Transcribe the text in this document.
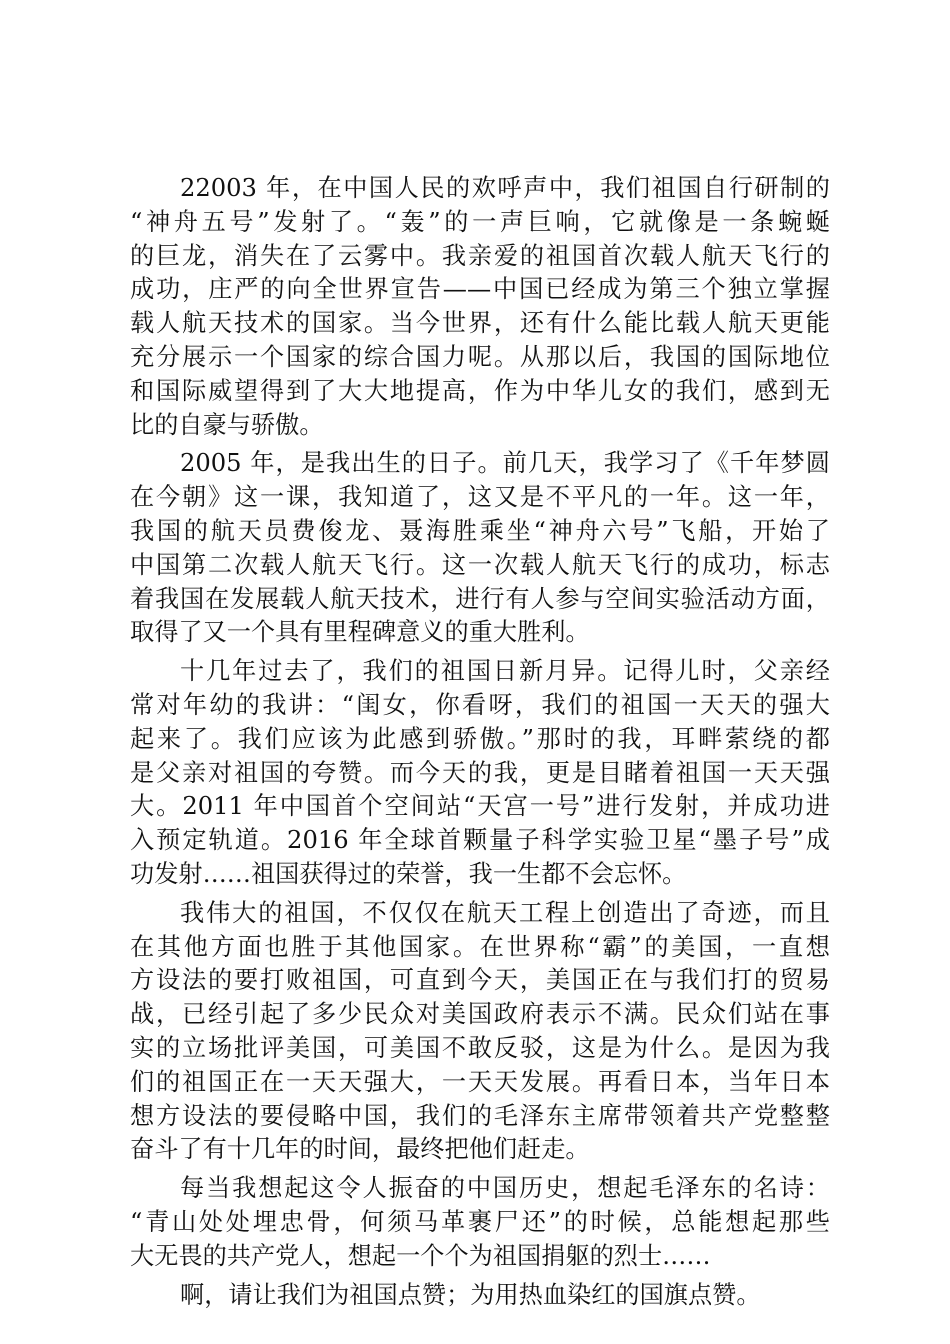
22003 年，在中国人民的欢呼声中，我们祖国自行研制的
“神舟五号”发射了。“轰”的一声巨响，它就像是一条蜿蜒
的巨龙，消失在了云雾中。我亲爱的祖国首次载人航天飞行的
成功，庄严的向全世界宣告——中国已经成为第三个独立掌握
载人航天技术的国家。当今世界，还有什么能比载人航天更能
充分展示一个国家的综合国力呢。从那以后，我国的国际地位
和国际威望得到了大大地提高，作为中华儿女的我们，感到无
比的自豪与骄傲。
2005 年，是我出生的日子。前几天，我学习了《千年梦圆
在今朝》这一课，我知道了，这又是不平凡的一年。这一年，
我国的航天员费俊龙、聂海胜乘坐“神舟六号”飞船，开始了
中国第二次载人航天飞行。这一次载人航天飞行的成功，标志
着我国在发展载人航天技术，进行有人参与空间实验活动方面，
取得了又一个具有里程碑意义的重大胜利。
十几年过去了，我们的祖国日新月异。记得儿时，父亲经
常对年幼的我讲：“闺女，你看呀，我们的祖国一天天的强大
起来了。我们应该为此感到骄傲。”那时的我，耳畔萦绕的都
是父亲对祖国的夸赞。而今天的我，更是目睹着祖国一天天强
大。2011 年中国首个空间站“天宫一号”进行发射，并成功进
入预定轨道。2016 年全球首颗量子科学实验卫星“墨子号”成
功发射……祖国获得过的荣誉，我一生都不会忘怀。
我伟大的祖国，不仅仅在航天工程上创造出了奇迹，而且
在其他方面也胜于其他国家。在世界称“霸”的美国，一直想
方设法的要打败祖国，可直到今天，美国正在与我们打的贸易
战，已经引起了多少民众对美国政府表示不满。民众们站在事
实的立场批评美国，可美国不敢反驳，这是为什么。是因为我
们的祖国正在一天天强大，一天天发展。再看日本，当年日本
想方设法的要侵略中国，我们的毛泽东主席带领着共产党整整
奋斗了有十几年的时间，最终把他们赶走。
每当我想起这令人振奋的中国历史，想起毛泽东的名诗：
“青山处处埋忠骨，何须马革裹尸还”的时候，总能想起那些
大无畏的共产党人，想起一个个为祖国捐躯的烈士……
啊，请让我们为祖国点赞；为用热血染红的国旗点赞。
